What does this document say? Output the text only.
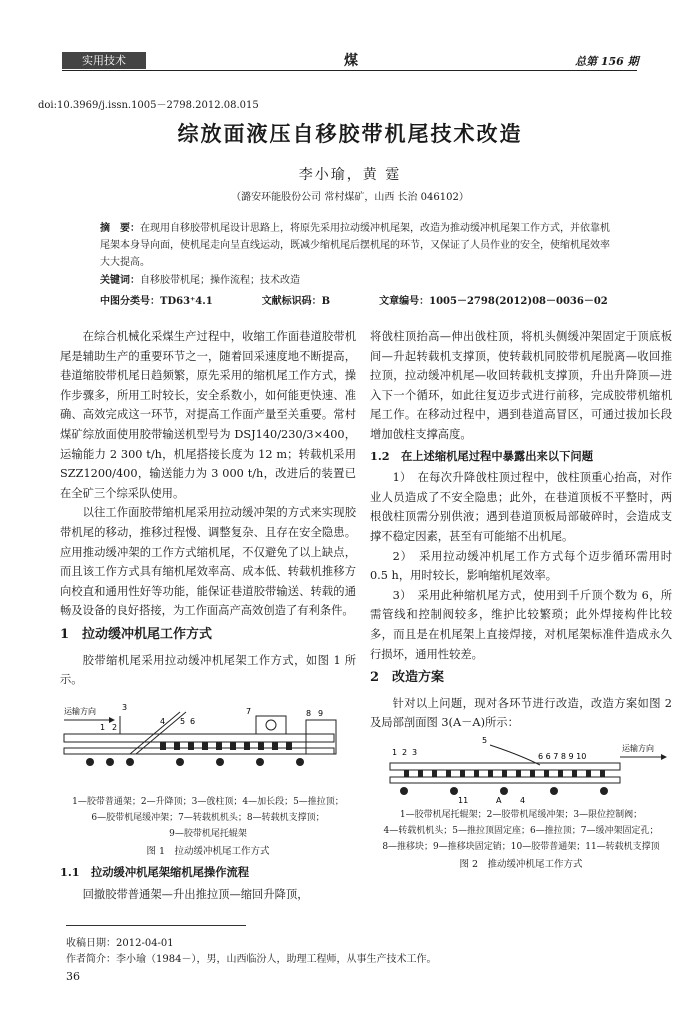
实用技术	煤	总第 156 期
doi:10.3969/j.issn.1005－2798.2012.08.015
综放面液压自移胶带机尾技术改造
李小瑜，黄 霆
（潞安环能股份公司 常村煤矿，山西 长治 046102）
摘　要：在现用自移胶带机尾设计思路上，将原先采用拉动缓冲机尾架，改造为推动缓冲机尾架工作方式，并依靠机尾架本身导向面，使机尾走向呈直线运动，既减少缩机尾后摆机尾的环节，又保证了人员作业的安全，使缩机尾效率大大提高。
关键词：自移胶带机尾；操作流程；技术改造
中图分类号：TD63⁺4.1	文献标识码：B	文章编号：1005－2798(2012)08－0036－02

在综合机械化采煤生产过程中，收缩工作面巷道胶带机尾是辅助生产的重要环节之一，随着回采速度地不断提高，巷道缩胶带机尾日趋频繁，原先采用的缩机尾工作方式，操作步骤多，所用工时较长，安全系数小，如何能更快速、准确、高效完成这一环节，对提高工作面产量至关重要。常村煤矿综放面使用胶带输送机型号为 DSJ140/230/3×400，运输能力 2 300 t/h，机尾搭接长度为 12 m；转载机采用 SZZ1200/400，输送能力为 3 000 t/h，改进后的装置已在全矿三个综采队使用。

以往工作面胶带缩机尾采用拉动缓冲架的方式来实现胶带机尾的移动，推移过程慢、调整复杂、且存在安全隐患。应用推动缓冲架的工作方式缩机尾，不仅避免了以上缺点，而且该工作方式具有缩机尾效率高、成本低、转载机推移方向校直和通用性好等功能，能保证巷道胶带输送、转载的通畅及设备的良好搭接，为工作面高产高效创造了有利条件。

1　拉动缓冲机尾工作方式

胶带缩机尾采用拉动缓冲机尾架工作方式，如图 1 所示。

运输方向
1 2
3
4 5 6
7	8 9
1—胶带普通架；2—升降顶；3—戗柱顶；4—加长段；5—推拉顶；
6—胶带机尾缓冲架；7—转载机机头；8—转载机支撑顶；
9—胶带机尾托辊架
图 1　拉动缓冲机尾工作方式
1.1　拉动缓冲机尾架缩机尾操作流程

回撤胶带普通架—升出推拉顶—缩回升降顶，

将戗柱顶抬高—伸出戗柱顶，将机头侧缓冲架固定于顶底板间—升起转载机支撑顶，使转载机同胶带机尾脱离—收回推拉顶，拉动缓冲机尾—收回转载机支撑顶，升出升降顶—进入下一个循环，如此往复迈步式进行前移，完成胶带机缩机尾工作。在移动过程中，遇到巷道高冒区，可通过拔加长段增加戗柱支撑高度。

1.2　在上述缩机尾过程中暴露出来以下问题

1）　在每次升降戗柱顶过程中，戗柱顶重心抬高，对作业人员造成了不安全隐患；此外，在巷道顶板不平整时，两根戗柱顶需分别供液；遇到巷道顶板局部破碎时，会造成支撑不稳定因素，甚至有可能缩不出机尾。

2）　采用拉动缓冲机尾工作方式每个迈步循环需用时 0.5 h，用时较长，影响缩机尾效率。

3）　采用此种缩机尾方式，使用到千斤顶个数为 6，所需管线和控制阀较多，维护比较繁琐；此外焊接构件比较多，而且是在机尾架上直接焊接，对机尾架标准件造成永久行损坏，通用性较差。

2　改造方案

针对以上问题，现对各环节进行改造，改造方案如图 2 及局部剖面图 3(A－A)所示：

1 2 3
5
6 6 7 8 9 10
运输方向
11	4
A
1—胶带机尾托辊架；2—胶带机尾缓冲架；3—限位控制阀；
4—转载机机头；5—推拉顶固定座；6—推拉顶；7—缓冲架固定孔；
8—推移块；9—推移块固定销；10—胶带普通架；11—转载机支撑顶
图 2　推动缓冲机尾工作方式
收稿日期：2012-04-01
作者简介：李小瑜（1984－），男，山西临汾人，助理工程师，从事生产技术工作。
36
